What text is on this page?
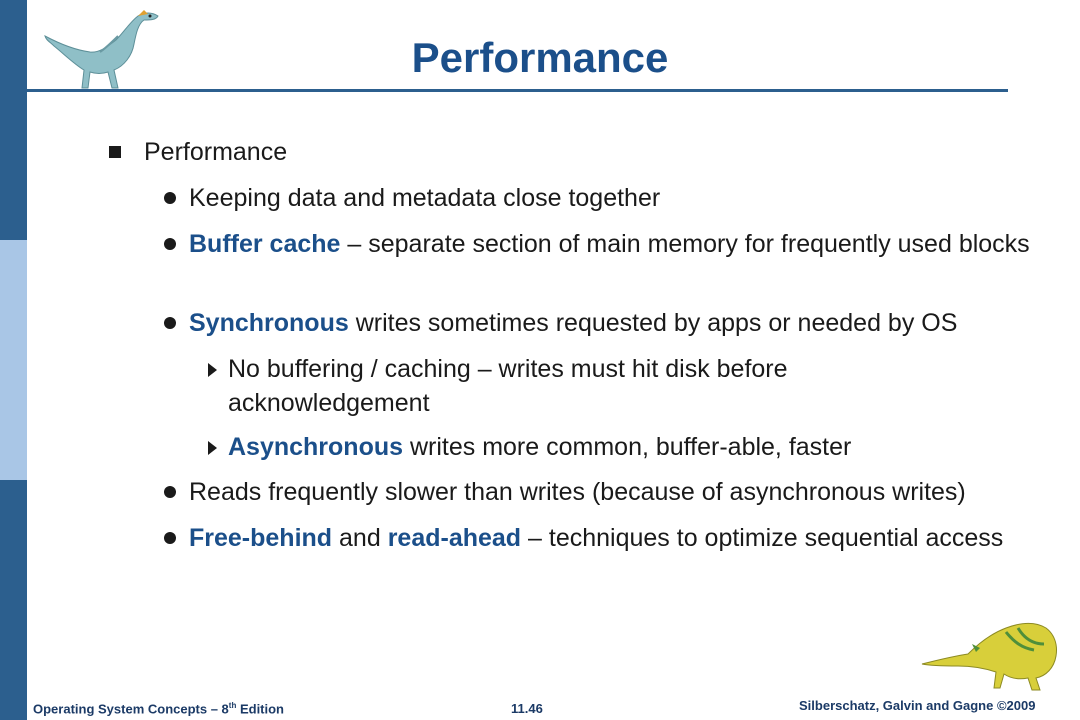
Performance
Performance
Keeping data and metadata close together
Buffer cache – separate section of main memory for frequently used blocks
Synchronous writes sometimes requested by apps or needed by OS
No buffering / caching – writes must hit disk before acknowledgement
Asynchronous writes more common, buffer-able, faster
Reads frequently slower than writes (because of asynchronous writes)
Free-behind and read-ahead – techniques to optimize sequential access
Operating System Concepts – 8th Edition	11.46	Silberschatz, Galvin and Gagne ©2009
